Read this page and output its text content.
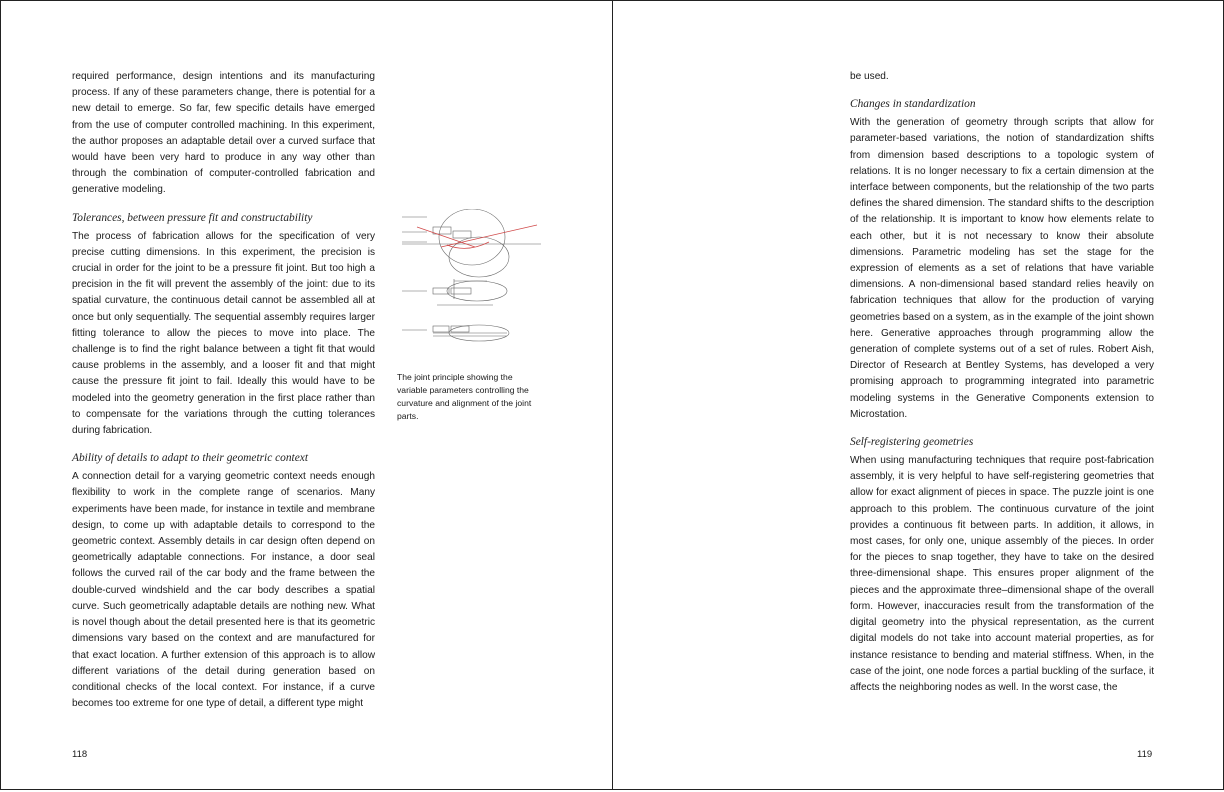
required performance, design intentions and its manufacturing process. If any of these parameters change, there is potential for a new detail to emerge. So far, few specific details have emerged from the use of computer controlled machining. In this experiment, the author proposes an adaptable detail over a curved surface that would have been very hard to produce in any way other than through the combination of computer-controlled fabrication and generative modeling.

Tolerances, between pressure fit and constructability

The process of fabrication allows for the specification of very precise cutting dimensions. In this experiment, the precision is crucial in order for the joint to be a pressure fit joint. But too high a precision in the fit will prevent the assembly of the joint: due to its spatial curvature, the continuous detail cannot be assembled all at once but only sequentially. The sequential assembly requires larger fitting tolerance to allow the pieces to move into place. The challenge is to find the right balance between a tight fit that would cause problems in the assembly, and a looser fit and that might cause the pressure fit joint to fail. Ideally this would have to be modeled into the geometry generation in the first place rather than to compensate for the variations through the cutting tolerances during fabrication.

Ability of details to adapt to their geometric context

A connection detail for a varying geometric context needs enough flexibility to work in the complete range of scenarios. Many experiments have been made, for instance in textile and membrane design, to come up with adaptable details to correspond to the geometric context. Assembly details in car design often depend on geometrically adaptable connections. For instance, a door seal follows the curved rail of the car body and the frame between the double-curved windshield and the car body describes a spatial curve. Such geometrically adaptable details are nothing new. What is novel though about the detail presented here is that its geometric dimensions vary based on the context and are manufactured for that exact location. A further extension of this approach is to allow different variations of the detail during generation based on conditional checks of the local context. For instance, if a curve becomes too extreme for one type of detail, a different type might

The joint principle showing the variable parameters controlling the curvature and alignment of the joint parts.

118

be used.

Changes in standardization

With the generation of geometry through scripts that allow for parameter-based variations, the notion of standardization shifts from dimension based descriptions to a topologic system of relations. It is no longer necessary to fix a certain dimension at the interface between components, but the relationship of the two parts defines the shared dimension. The standard shifts to the description of the relationship. It is important to know how elements relate to each other, but it is not necessary to know their absolute dimensions. Parametric modeling has set the stage for the expression of elements as a set of relations that have variable dimensions. A non-dimensional based standard relies heavily on fabrication techniques that allow for the production of varying geometries based on a system, as in the example of the joint shown here. Generative approaches through programming allow the generation of complete systems out of a set of rules. Robert Aish, Director of Research at Bentley Systems, has developed a very promising approach to programming integrated into parametric modeling systems in the Generative Components extension to Microstation.

Self-registering geometries

When using manufacturing techniques that require post-fabrication assembly, it is very helpful to have self-registering geometries that allow for exact alignment of pieces in space. The puzzle joint is one approach to this problem. The continuous curvature of the joint provides a continuous fit between parts. In addition, it allows, in most cases, for only one, unique assembly of the pieces. In order for the pieces to snap together, they have to take on the desired three-dimensional shape. This ensures proper alignment of the pieces and the approximate three–dimensional shape of the overall form. However, inaccuracies result from the transformation of the digital geometry into the physical representation, as the current digital models do not take into account material properties, as for instance resistance to bending and material stiffness. When, in the case of the joint, one node forces a partial buckling of the surface, it affects the neighboring nodes as well. In the worst case, the

119
